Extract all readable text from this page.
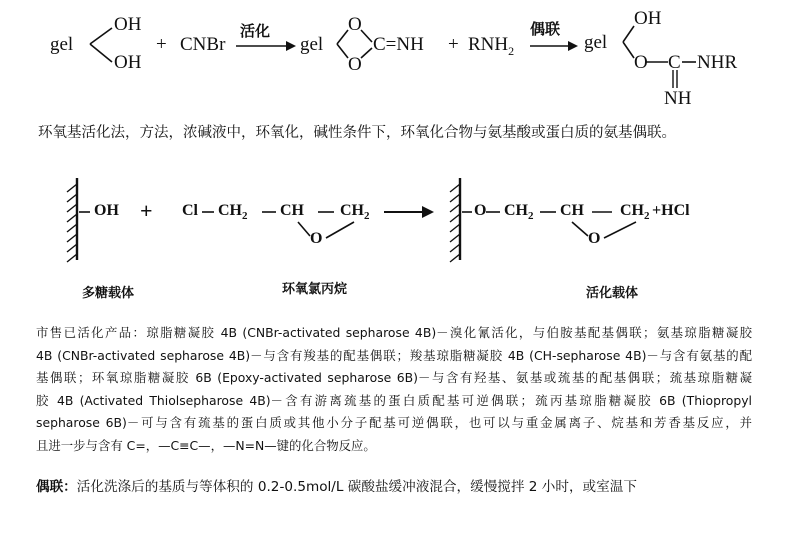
gel
OH
OH
+ CNBr
活化
gel
O
O
$C=NH + RNH_2$
偶联
gel
OH
O C NHR
NH
环氧基活化法，方法，浓碱液中，环氧化，碱性条件下，环氧化合物与氨基酸或蛋白质的氨基偶联。
OH + Cl $CH_2$ CH $CH_2$
O
O $CH_2$ CH $CH_2$
O
+HCl
多糖载体	环氧氯丙烷	活化载体
市售已活化产品：琼脂糖凝胶 4B (CNBr-activated sepharose 4B)－溴化氰活化，与伯胺基配基偶联；氨基琼脂糖凝胶
4B (CNBr-activated sepharose 4B)－与含有羧基的配基偶联；羧基琼脂糖凝胶 4B (CH-sepharose 4B)－与含有氨基的配
基偶联；环氧琼脂糖凝胶 6B (Epoxy-activated sepharose 6B)－与含有羟基、氨基或巯基的配基偶联；巯基琼脂糖凝
胶 4B (Activated Thiolsepharose 4B)－含有游离巯基的蛋白质配基可逆偶联；巯丙基琼脂糖凝胶 6B (Thiopropyl
sepharose 6B)－可与含有巯基的蛋白质或其他小分子配基可逆偶联，也可以与重金属离子、烷基和芳香基反应，并
且进一步与含有 C=，—C≡C—，—N=N—键的化合物反应。
偶联：活化洗涤后的基质与等体积的 0.2-0.5mol/L 碳酸盐缓冲液混合，缓慢搅拌 2 小时，或室温下
